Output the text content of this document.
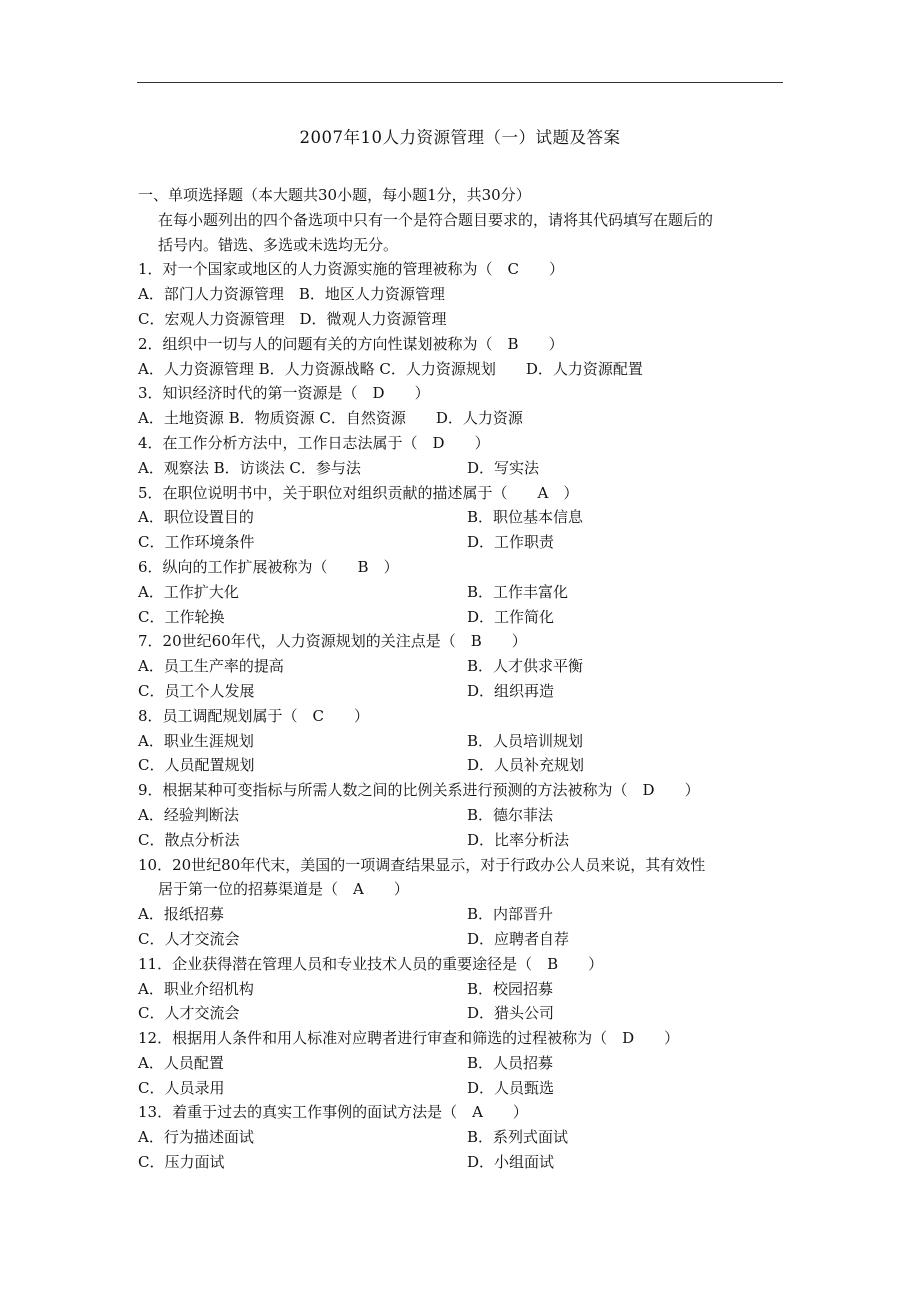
2007年10人力资源管理（一）试题及答案
一、单项选择题（本大题共30小题，每小题1分，共30分）
在每小题列出的四个备选项中只有一个是符合题目要求的，请将其代码填写在题后的
括号内。错选、多选或未选均无分。
1．对一个国家或地区的人力资源实施的管理被称为（　C　　）
A．部门人力资源管理　B．地区人力资源管理
C．宏观人力资源管理　D．微观人力资源管理
2．组织中一切与人的问题有关的方向性谋划被称为（　B　　）
A．人力资源管理 B．人力资源战略 C．人力资源规划　　D．人力资源配置
3．知识经济时代的第一资源是（　D　　）
A．土地资源 B．物质资源 C．自然资源　　D．人力资源
4．在工作分析方法中，工作日志法属于（　D　　）
A．观察法 B．访谈法 C．参与法	D．写实法
5．在职位说明书中，关于职位对组织贡献的描述属于（　　A　）
A．职位设置目的	B．职位基本信息
C．工作环境条件	D．工作职责
6．纵向的工作扩展被称为（　　B　）
A．工作扩大化	B．工作丰富化
C．工作轮换	D．工作简化
7．20世纪60年代，人力资源规划的关注点是（　B　　）
A．员工生产率的提高	B．人才供求平衡
C．员工个人发展	D．组织再造
8．员工调配规划属于（　C　　）
A．职业生涯规划	B．人员培训规划
C．人员配置规划	D．人员补充规划
9．根据某种可变指标与所需人数之间的比例关系进行预测的方法被称为（　D　　）
A．经验判断法	B．德尔菲法
C．散点分析法	D．比率分析法
10．20世纪80年代末，美国的一项调查结果显示，对于行政办公人员来说，其有效性
居于第一位的招募渠道是（　A　　）
A．报纸招募	B．内部晋升
C．人才交流会	D．应聘者自荐
11．企业获得潜在管理人员和专业技术人员的重要途径是（　B　　）
A．职业介绍机构	B．校园招募
C．人才交流会	D．猎头公司
12．根据用人条件和用人标准对应聘者进行审查和筛选的过程被称为（　D　　）
A．人员配置	B．人员招募
C．人员录用	D．人员甄选
13．着重于过去的真实工作事例的面试方法是（　A　　）
A．行为描述面试	B．系列式面试
C．压力面试	D．小组面试
